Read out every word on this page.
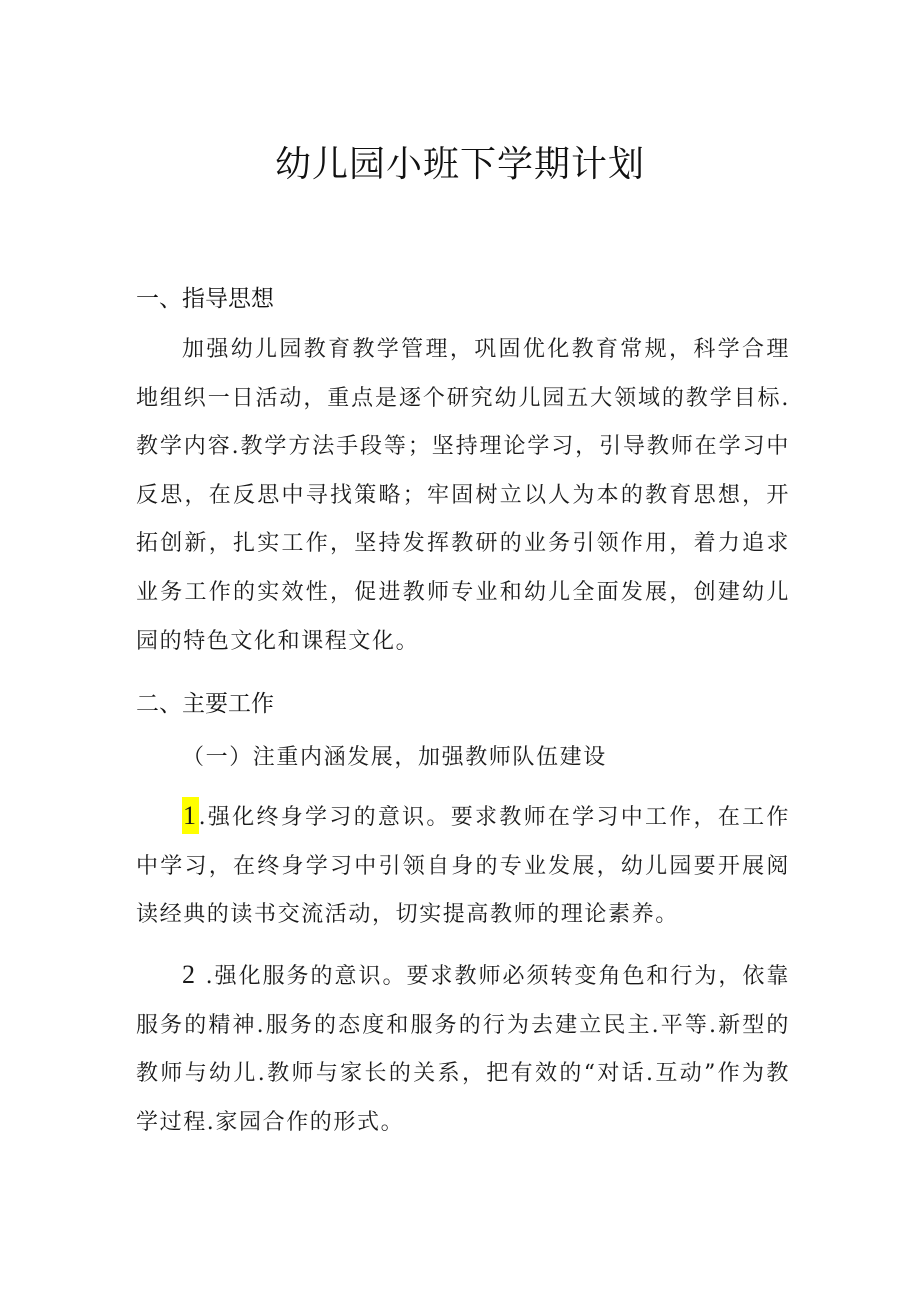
幼儿园小班下学期计划
一、指导思想
加强幼儿园教育教学管理，巩固优化教育常规，科学合理地组织一日活动，重点是逐个研究幼儿园五大领域的教学目标.教学内容.教学方法手段等；坚持理论学习，引导教师在学习中反思，在反思中寻找策略；牢固树立以人为本的教育思想，开拓创新，扎实工作，坚持发挥教研的业务引领作用，着力追求业务工作的实效性，促进教师专业和幼儿全面发展，创建幼儿园的特色文化和课程文化。
二、主要工作
（一）注重内涵发展，加强教师队伍建设
1.强化终身学习的意识。要求教师在学习中工作，在工作中学习，在终身学习中引领自身的专业发展，幼儿园要开展阅读经典的读书交流活动，切实提高教师的理论素养。
2 .强化服务的意识。要求教师必须转变角色和行为，依靠服务的精神.服务的态度和服务的行为去建立民主.平等.新型的教师与幼儿.教师与家长的关系，把有效的“对话.互动”作为教学过程.家园合作的形式。
